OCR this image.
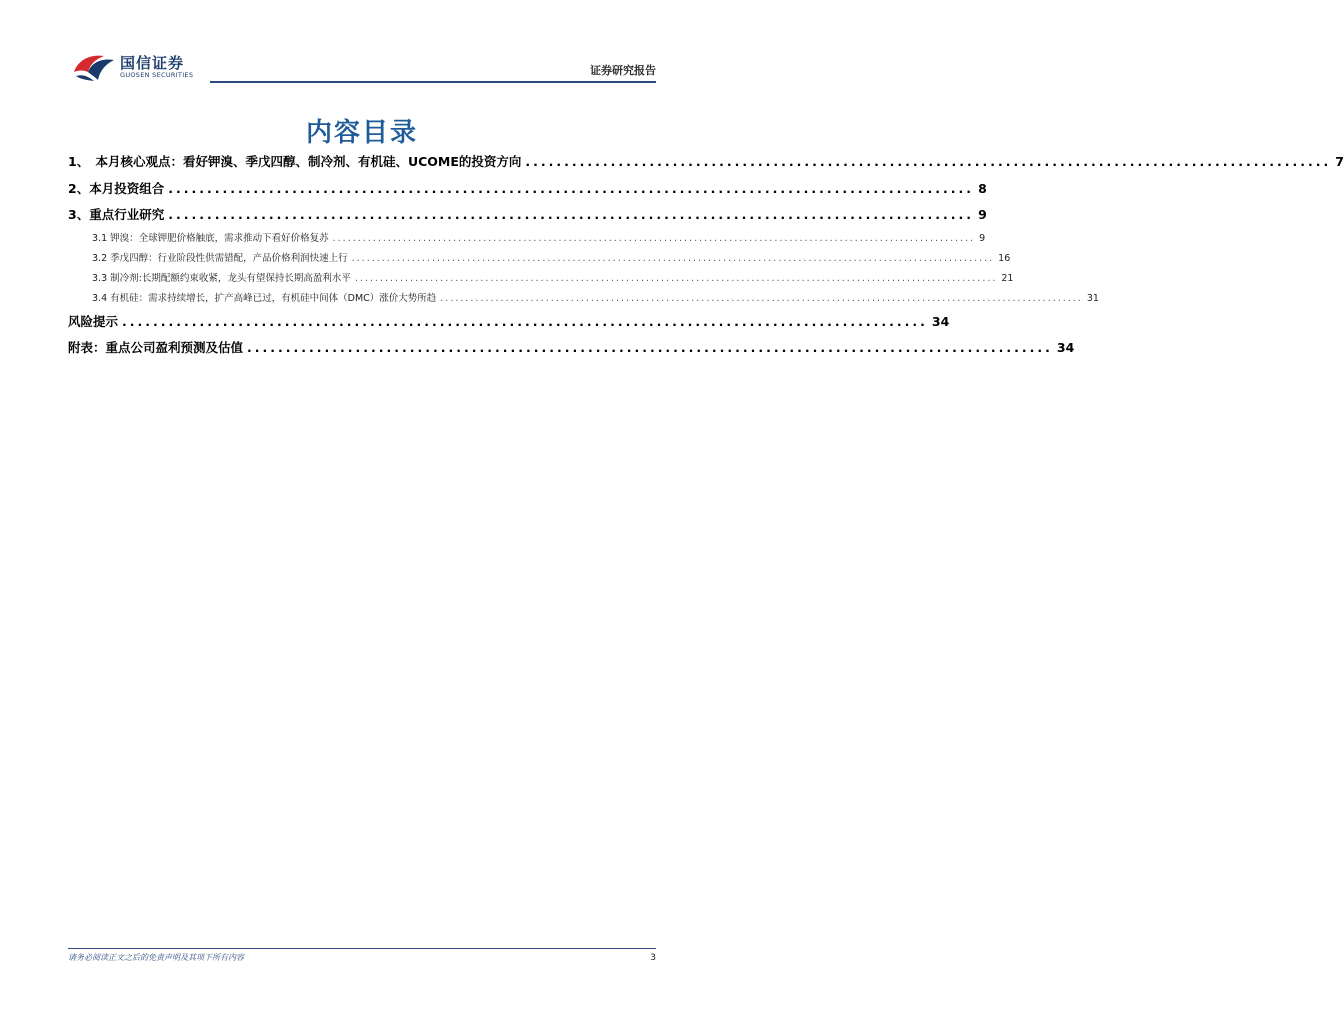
国信证券
GUOSEN SECURITIES	证券研究报告
内容目录
1、　本月核心观点：看好钾溴、季戊四醇、制冷剂、有机硅、UCOME的投资方向 ........................................................................................................ 7
2、本月投资组合 ........................................................................................................ 8
3、重点行业研究 ........................................................................................................ 9
3.1 钾溴：全球钾肥价格触底，需求推动下看好价格复苏 ................................................................................................................................ 9
3.2 季戊四醇：行业阶段性供需错配，产品价格利润快速上行 ................................................................................................................................ 16
3.3 制冷剂:长期配额约束收紧，龙头有望保持长期高盈利水平 ................................................................................................................................ 21
3.4 有机硅：需求持续增长，扩产高峰已过，有机硅中间体（DMC）涨价大势所趋 ................................................................................................................................ 31
风险提示 ........................................................................................................ 34
附表：重点公司盈利预测及估值 ........................................................................................................ 34
请务必阅读正文之后的免责声明及其项下所有内容	3
